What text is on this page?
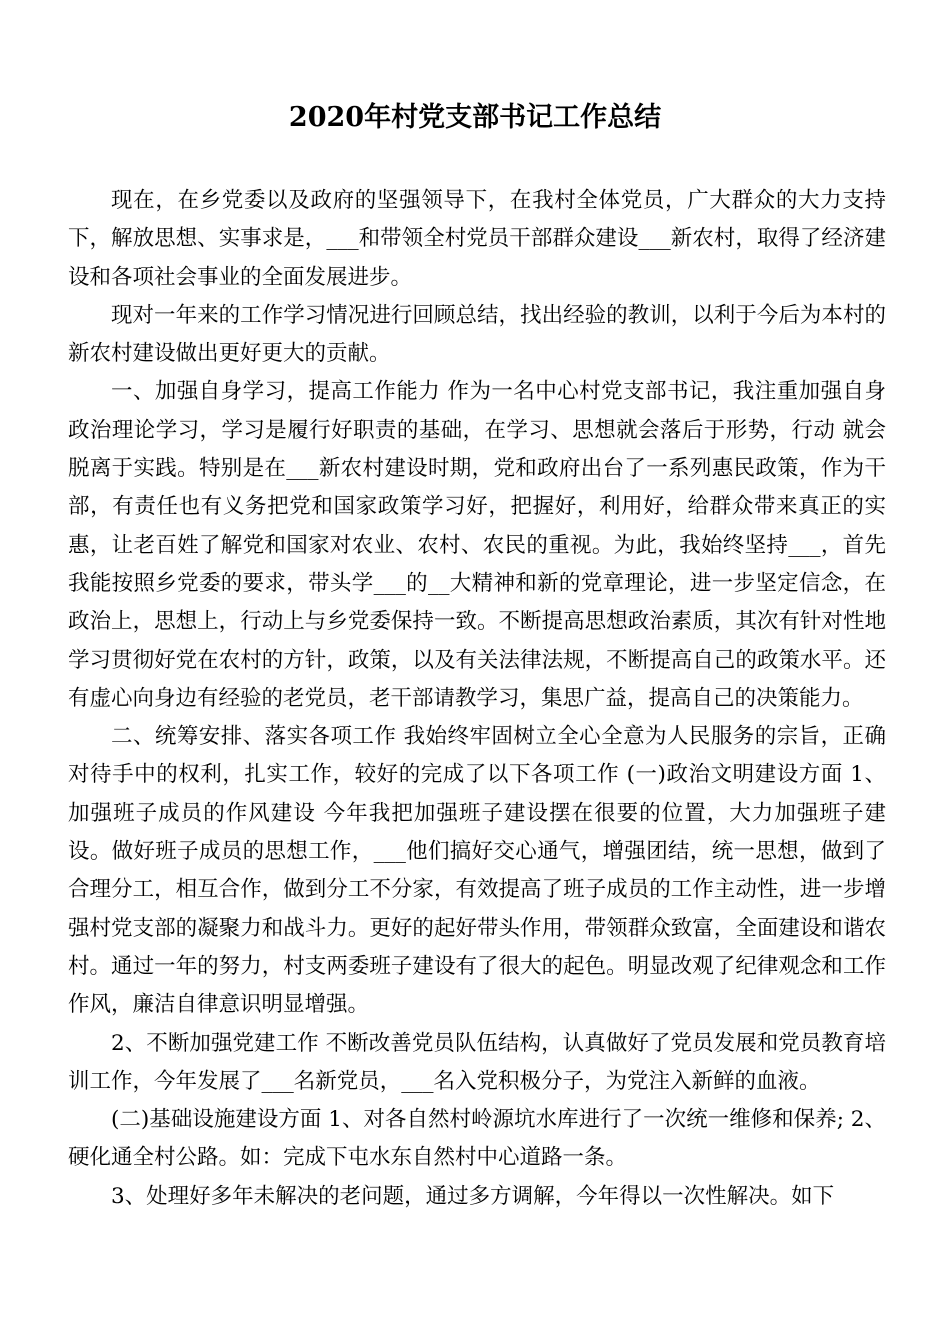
2020年村党支部书记工作总结

现在，在乡党委以及政府的坚强领导下，在我村全体党员，广大群众的大力支持下，解放思想、实事求是，___和带领全村党员干部群众建设___新农村，取得了经济建设和各项社会事业的全面发展进步。

现对一年来的工作学习情况进行回顾总结，找出经验的教训，以利于今后为本村的新农村建设做出更好更大的贡献。

一、加强自身学习，提高工作能力 作为一名中心村党支部书记，我注重加强自身政治理论学习，学习是履行好职责的基础，在学习、思想就会落后于形势，行动 就会脱离于实践。特别是在___新农村建设时期，党和政府出台了一系列惠民政策，作为干部，有责任也有义务把党和国家政策学习好，把握好，利用好，给群众带来真正的实惠，让老百姓了解党和国家对农业、农村、农民的重视。为此，我始终坚持___，首先我能按照乡党委的要求，带头学___的__大精神和新的党章理论，进一步坚定信念，在政治上，思想上，行动上与乡党委保持一致。不断提高思想政治素质，其次有针对性地学习贯彻好党在农村的方针，政策，以及有关法律法规，不断提高自己的政策水平。还有虚心向身边有经验的老党员，老干部请教学习，集思广益，提高自己的决策能力。

二、统筹安排、落实各项工作 我始终牢固树立全心全意为人民服务的宗旨，正确对待手中的权利，扎实工作，较好的完成了以下各项工作 (一)政治文明建设方面 1、加强班子成员的作风建设 今年我把加强班子建设摆在很要的位置，大力加强班子建设。做好班子成员的思想工作，___他们搞好交心通气，增强团结，统一思想，做到了合理分工，相互合作，做到分工不分家，有效提高了班子成员的工作主动性，进一步增强村党支部的凝聚力和战斗力。更好的起好带头作用，带领群众致富，全面建设和谐农村。通过一年的努力，村支两委班子建设有了很大的起色。明显改观了纪律观念和工作作风，廉洁自律意识明显增强。

2、不断加强党建工作 不断改善党员队伍结构，认真做好了党员发展和党员教育培训工作，今年发展了___名新党员，___名入党积极分子，为党注入新鲜的血液。

(二)基础设施建设方面 1、对各自然村岭源坑水库进行了一次统一维修和保养; 2、硬化通全村公路。如：完成下屯水东自然村中心道路一条。

3、处理好多年未解决的老问题，通过多方调解，今年得以一次性解决。如下
